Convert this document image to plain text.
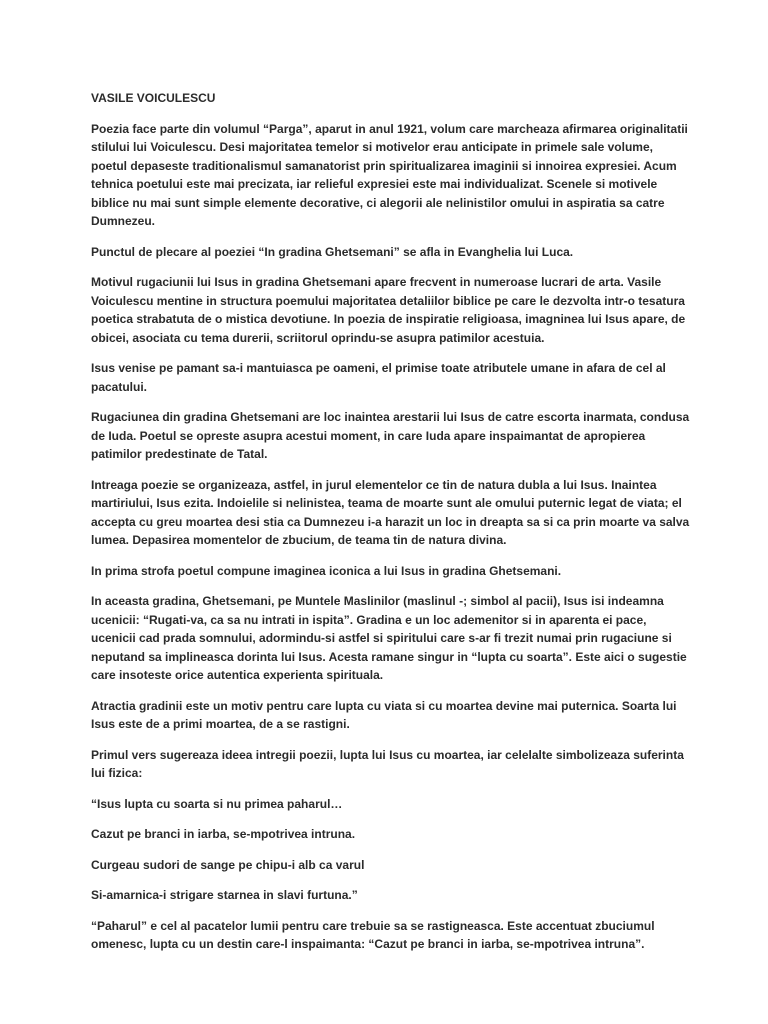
VASILE VOICULESCU

Poezia face parte din volumul “Parga”, aparut in anul 1921, volum care marcheaza afirmarea originalitatii stilului lui Voiculescu. Desi majoritatea temelor si motivelor erau anticipate in primele sale volume, poetul depaseste traditionalismul samanatorist prin spiritualizarea imaginii si innoirea expresiei. Acum tehnica poetului este mai precizata, iar relieful expresiei este mai individualizat. Scenele si motivele biblice nu mai sunt simple elemente decorative, ci alegorii ale nelinistilor omului in aspiratia sa catre Dumnezeu.

Punctul de plecare al poeziei “In gradina Ghetsemani” se afla in Evanghelia lui Luca.

Motivul rugaciunii lui Isus in gradina Ghetsemani apare frecvent in numeroase lucrari de arta. Vasile Voiculescu mentine in structura poemului majoritatea detaliilor biblice pe care le dezvolta intr-o tesatura poetica strabatuta de o mistica devotiune. In poezia de inspiratie religioasa, imagninea lui Isus apare, de obicei, asociata cu tema durerii, scriitorul oprindu-se asupra patimilor acestuia.

Isus venise pe pamant sa-i mantuiasca pe oameni, el primise toate atributele umane in afara de cel al pacatului.

Rugaciunea din gradina Ghetsemani are loc inaintea arestarii lui Isus de catre escorta inarmata, condusa de Iuda. Poetul se opreste asupra acestui moment, in care Iuda apare inspaimantat de apropierea patimilor predestinate de Tatal.

Intreaga poezie se organizeaza, astfel, in jurul elementelor ce tin de natura dubla a lui Isus. Inaintea martiriului, Isus ezita. Indoielile si nelinistea, teama de moarte sunt ale omului puternic legat de viata; el accepta cu greu moartea desi stia ca Dumnezeu i-a harazit un loc in dreapta sa si ca prin moarte va salva lumea. Depasirea momentelor de zbucium, de teama tin de natura divina.

In prima strofa poetul compune imaginea iconica a lui Isus in gradina Ghetsemani.

In aceasta gradina, Ghetsemani, pe Muntele Maslinilor (maslinul -; simbol al pacii), Isus isi indeamna ucenicii: “Rugati-va, ca sa nu intrati in ispita”. Gradina e un loc ademenitor si in aparenta ei pace, ucenicii cad prada somnului, adormindu-si astfel si spiritului care s-ar fi trezit numai prin rugaciune si neputand sa implineasca dorinta lui Isus. Acesta ramane singur in “lupta cu soarta”. Este aici o sugestie care insoteste orice autentica experienta spirituala.

Atractia gradinii este un motiv pentru care lupta cu viata si cu moartea devine mai puternica. Soarta lui Isus este de a primi moartea, de a se rastigni.

Primul vers sugereaza ideea intregii poezii, lupta lui Isus cu moartea, iar celelalte simbolizeaza suferinta lui fizica:

“Isus lupta cu soarta si nu primea paharul…

Cazut pe branci in iarba, se-mpotrivea intruna.

Curgeau sudori de sange pe chipu-i alb ca varul

Si-amarnica-i strigare starnea in slavi furtuna.”

“Paharul” e cel al pacatelor lumii pentru care trebuie sa se rastigneasca. Este accentuat zbuciumul omenesc, lupta cu un destin care-l inspaimanta: “Cazut pe branci in iarba, se-mpotrivea intruna”.
